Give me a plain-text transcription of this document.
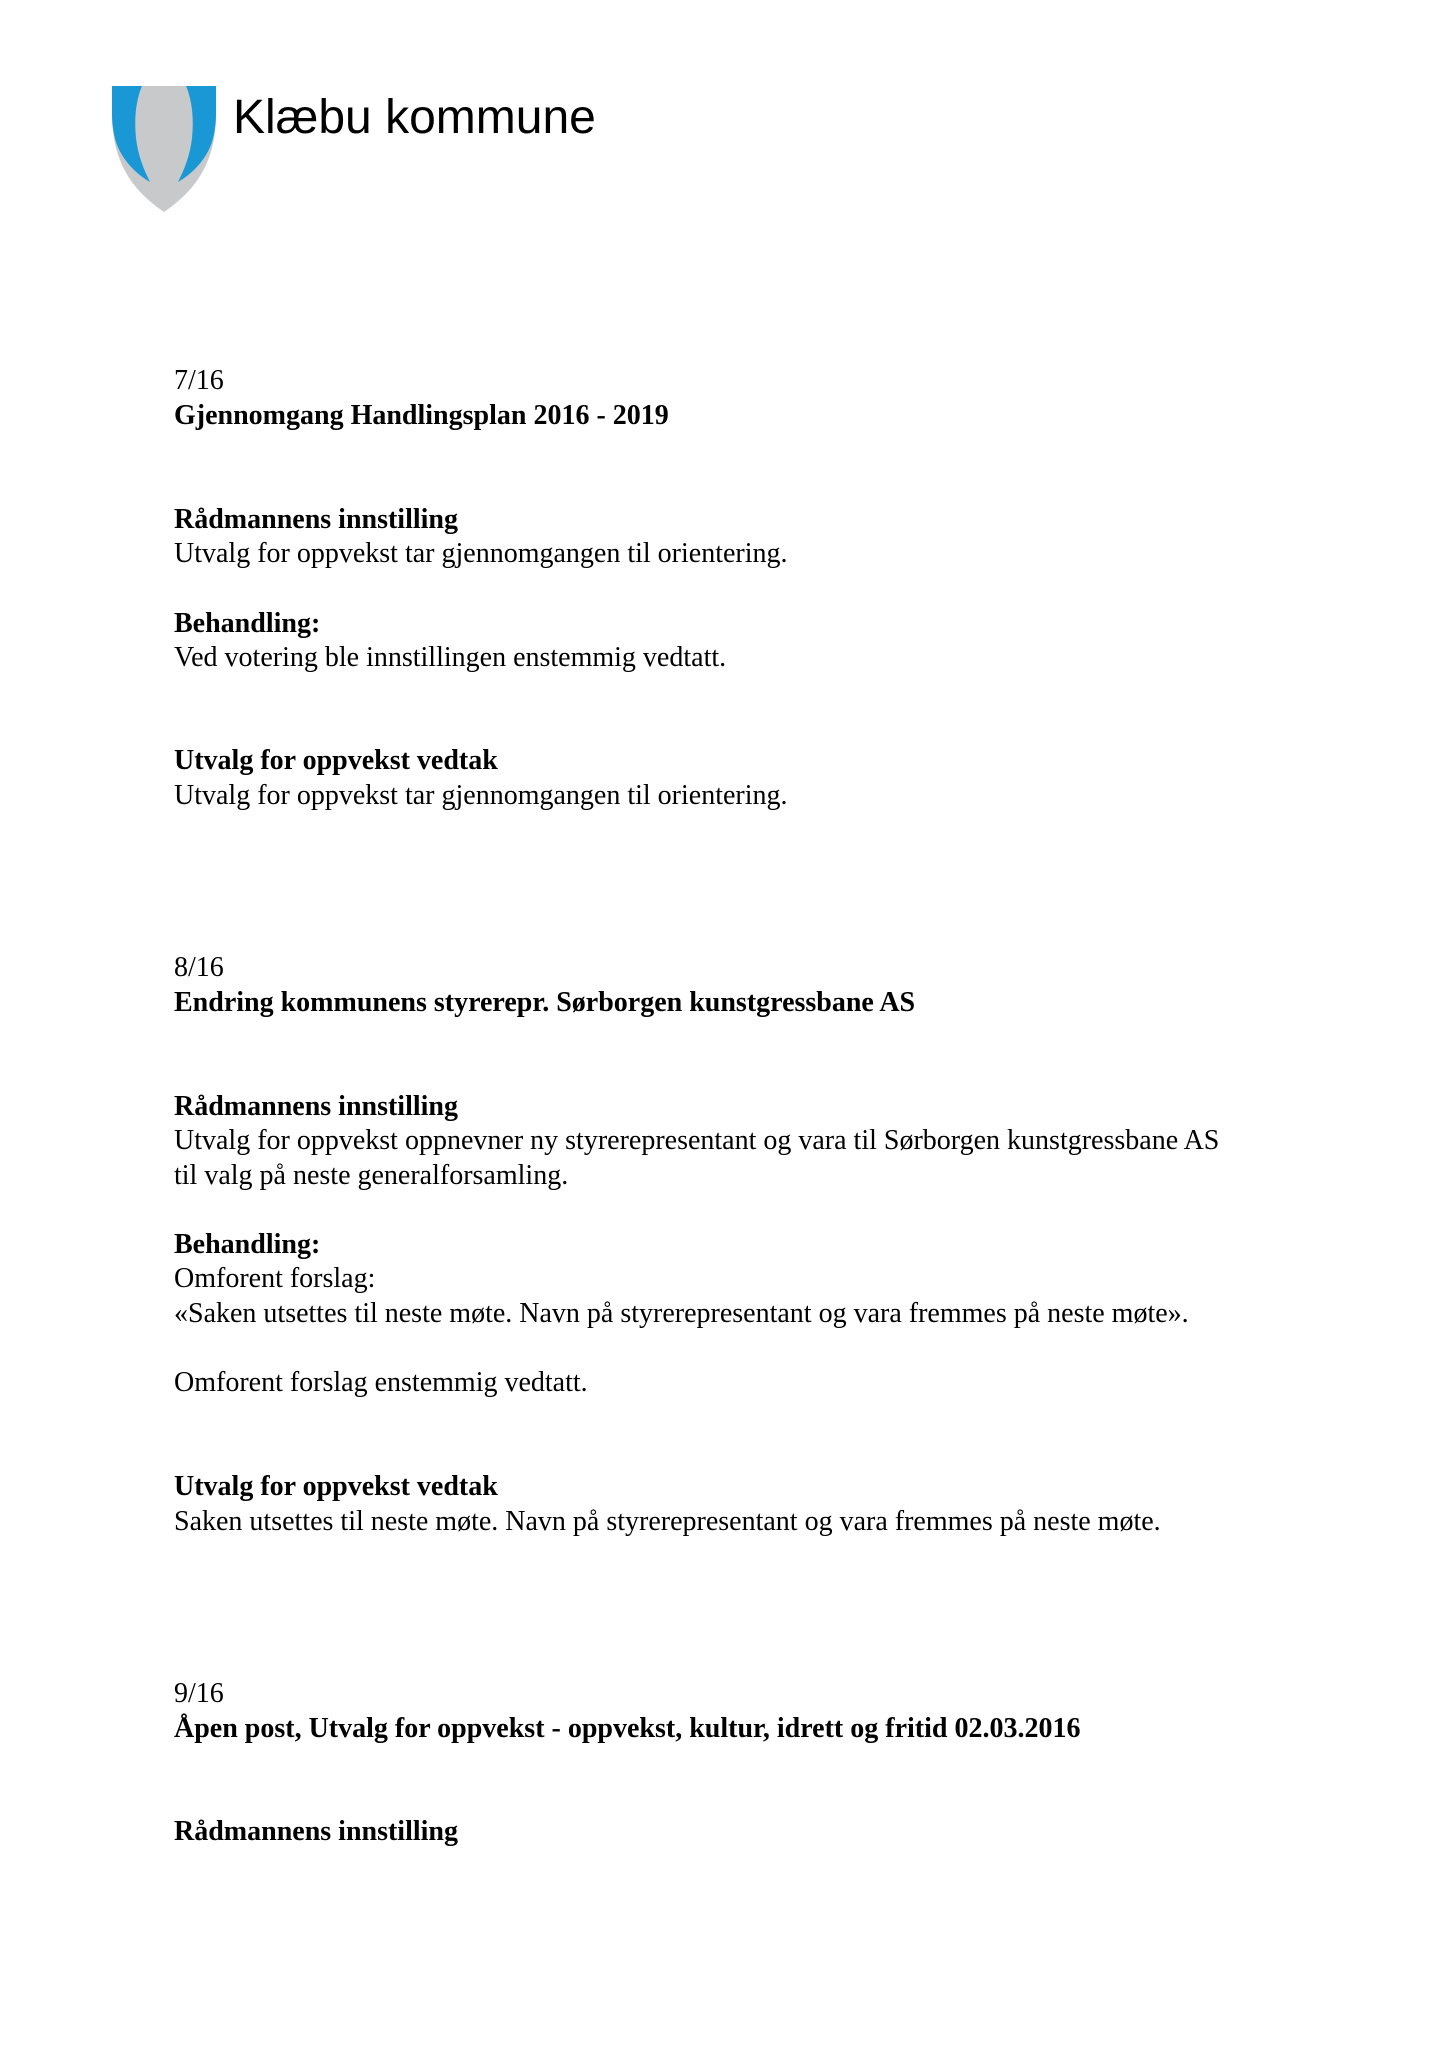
Klæbu kommune
7/16
Gjennomgang Handlingsplan 2016 - 2019
Rådmannens innstilling
Utvalg for oppvekst tar gjennomgangen til orientering.
Behandling:
Ved votering ble innstillingen enstemmig vedtatt.
Utvalg for oppvekst vedtak
Utvalg for oppvekst tar gjennomgangen til orientering.
8/16
Endring kommunens styrerepr. Sørborgen kunstgressbane AS
Rådmannens innstilling
Utvalg for oppvekst oppnevner ny styrerepresentant og vara til Sørborgen kunstgressbane AS
til valg på neste generalforsamling.
Behandling:
Omforent forslag:
«Saken utsettes til neste møte. Navn på styrerepresentant og vara fremmes på neste møte».
Omforent forslag enstemmig vedtatt.
Utvalg for oppvekst vedtak
Saken utsettes til neste møte. Navn på styrerepresentant og vara fremmes på neste møte.
9/16
Åpen post, Utvalg for oppvekst - oppvekst, kultur, idrett og fritid 02.03.2016
Rådmannens innstilling
